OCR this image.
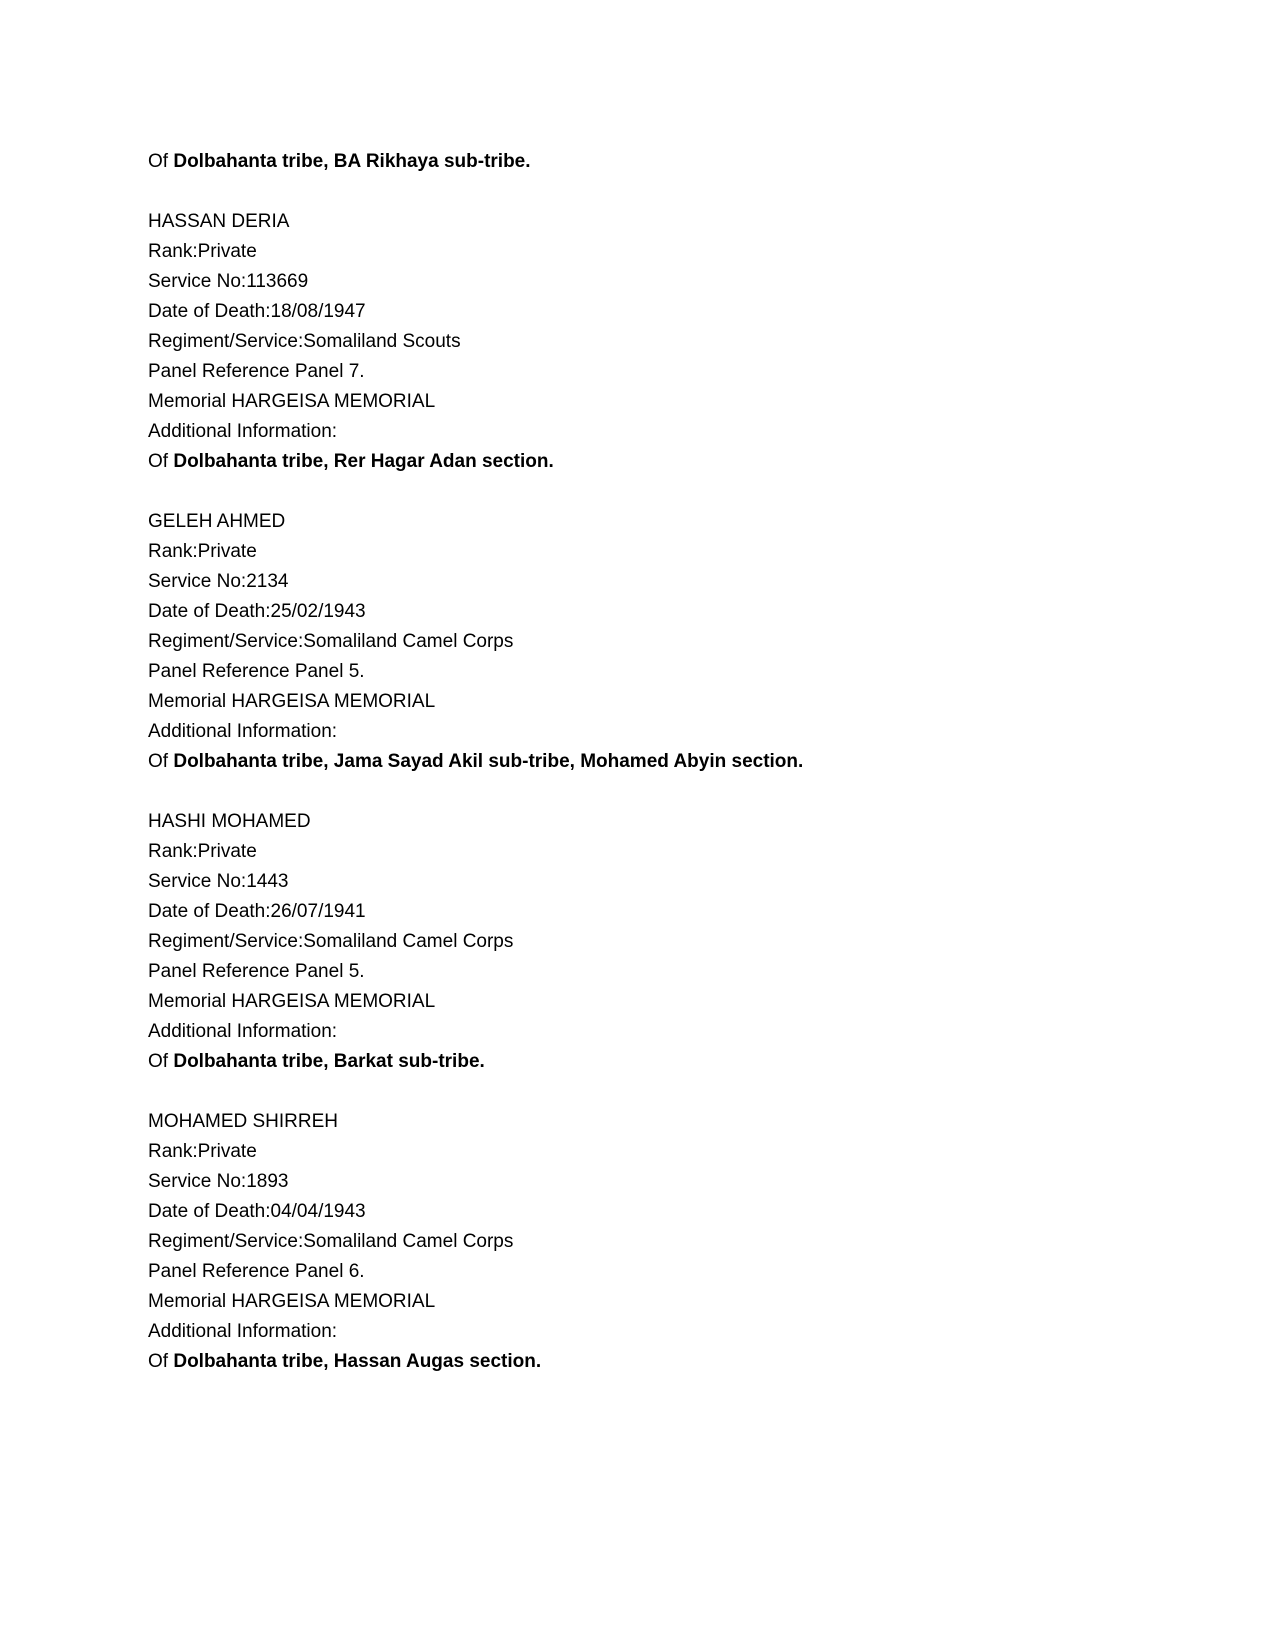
Of Dolbahanta tribe, BA Rikhaya sub-tribe.
HASSAN DERIA
Rank:Private
Service No:113669
Date of Death:18/08/1947
Regiment/Service:Somaliland Scouts
Panel Reference Panel 7.
Memorial HARGEISA MEMORIAL
Additional Information:
Of Dolbahanta tribe, Rer Hagar Adan section.
GELEH AHMED
Rank:Private
Service No:2134
Date of Death:25/02/1943
Regiment/Service:Somaliland Camel Corps
Panel Reference Panel 5.
Memorial HARGEISA MEMORIAL
Additional Information:
Of Dolbahanta tribe, Jama Sayad Akil sub-tribe, Mohamed Abyin section.
HASHI MOHAMED
Rank:Private
Service No:1443
Date of Death:26/07/1941
Regiment/Service:Somaliland Camel Corps
Panel Reference Panel 5.
Memorial HARGEISA MEMORIAL
Additional Information:
Of Dolbahanta tribe, Barkat sub-tribe.
MOHAMED SHIRREH
Rank:Private
Service No:1893
Date of Death:04/04/1943
Regiment/Service:Somaliland Camel Corps
Panel Reference Panel 6.
Memorial HARGEISA MEMORIAL
Additional Information:
Of Dolbahanta tribe, Hassan Augas section.
